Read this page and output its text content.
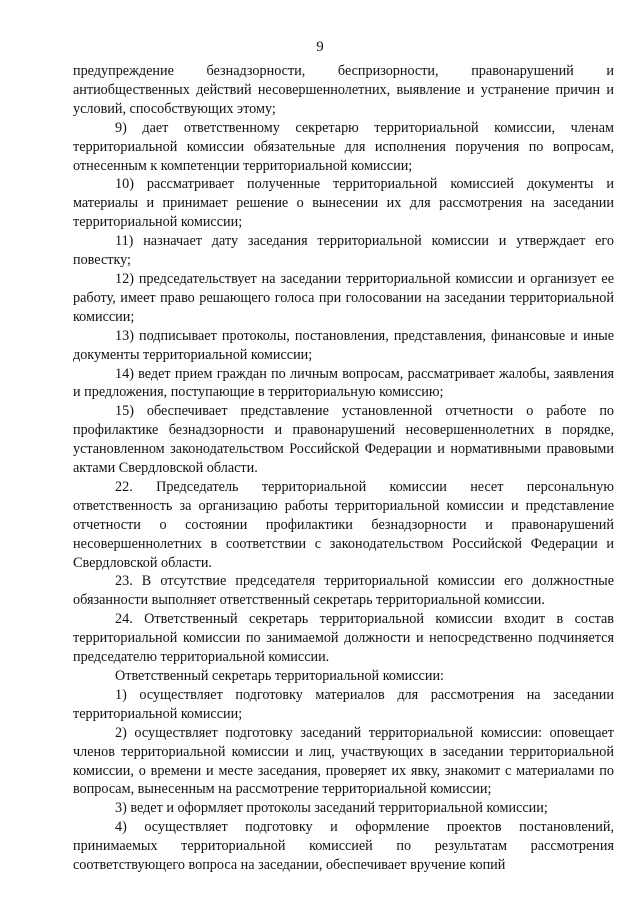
9

предупреждение безнадзорности, беспризорности, правонарушений и антиобщественных действий несовершеннолетних, выявление и устранение причин и условий, способствующих этому;

9) дает ответственному секретарю территориальной комиссии, членам территориальной комиссии обязательные для исполнения поручения по вопросам, отнесенным к компетенции территориальной комиссии;

10) рассматривает полученные территориальной комиссией документы и материалы и принимает решение о вынесении их для рассмотрения на заседании территориальной комиссии;

11) назначает дату заседания территориальной комиссии и утверждает его повестку;

12) председательствует на заседании территориальной комиссии и организует ее работу, имеет право решающего голоса при голосовании на заседании территориальной комиссии;

13) подписывает протоколы, постановления, представления, финансовые и иные документы территориальной комиссии;

14) ведет прием граждан по личным вопросам, рассматривает жалобы, заявления и предложения, поступающие в территориальную комиссию;

15) обеспечивает представление установленной отчетности о работе по профилактике безнадзорности и правонарушений несовершеннолетних в порядке, установленном законодательством Российской Федерации и нормативными правовыми актами Свердловской области.

22. Председатель территориальной комиссии несет персональную ответственность за организацию работы территориальной комиссии и представление отчетности о состоянии профилактики безнадзорности и правонарушений несовершеннолетних в соответствии с законодательством Российской Федерации и Свердловской области.

23. В отсутствие председателя территориальной комиссии его должностные обязанности выполняет ответственный секретарь территориальной комиссии.

24. Ответственный секретарь территориальной комиссии входит в состав территориальной комиссии по занимаемой должности и непосредственно подчиняется председателю территориальной комиссии.

Ответственный секретарь территориальной комиссии:

1) осуществляет подготовку материалов для рассмотрения на заседании территориальной комиссии;

2) осуществляет подготовку заседаний территориальной комиссии: оповещает членов территориальной комиссии и лиц, участвующих в заседании территориальной комиссии, о времени и месте заседания, проверяет их явку, знакомит с материалами по вопросам, вынесенным на рассмотрение территориальной комиссии;

3) ведет и оформляет протоколы заседаний территориальной комиссии;

4) осуществляет подготовку и оформление проектов постановлений, принимаемых территориальной комиссией по результатам рассмотрения соответствующего вопроса на заседании, обеспечивает вручение копий
